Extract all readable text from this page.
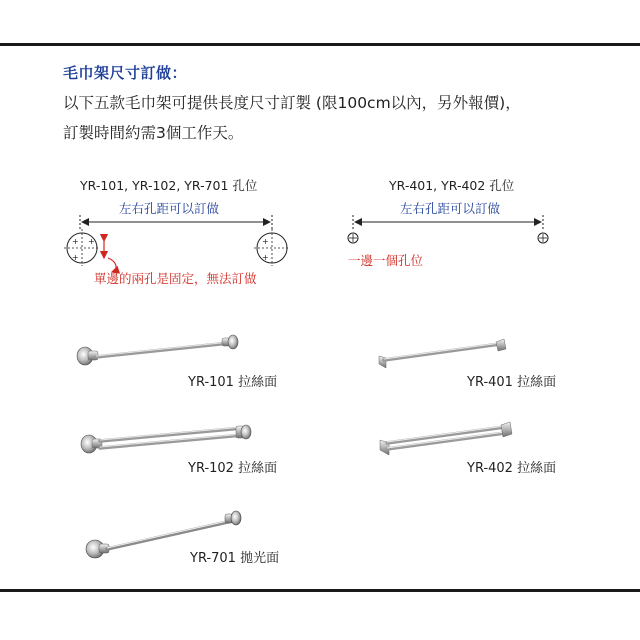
毛巾架尺寸訂做：
以下五款毛巾架可提供長度尺寸訂製 (限100cm以內，另外報價)，
訂製時間約需3個工作天。
+ +
+
+
+
YR-101, YR-102, YR-701 孔位
左右孔距可以訂做
單邊的兩孔是固定，無法訂做
YR-401, YR-402 孔位
左右孔距可以訂做
一邊一個孔位
YR-101 拉絲面	YR-401 拉絲面
YR-102 拉絲面	YR-402 拉絲面
YR-701 拋光面
